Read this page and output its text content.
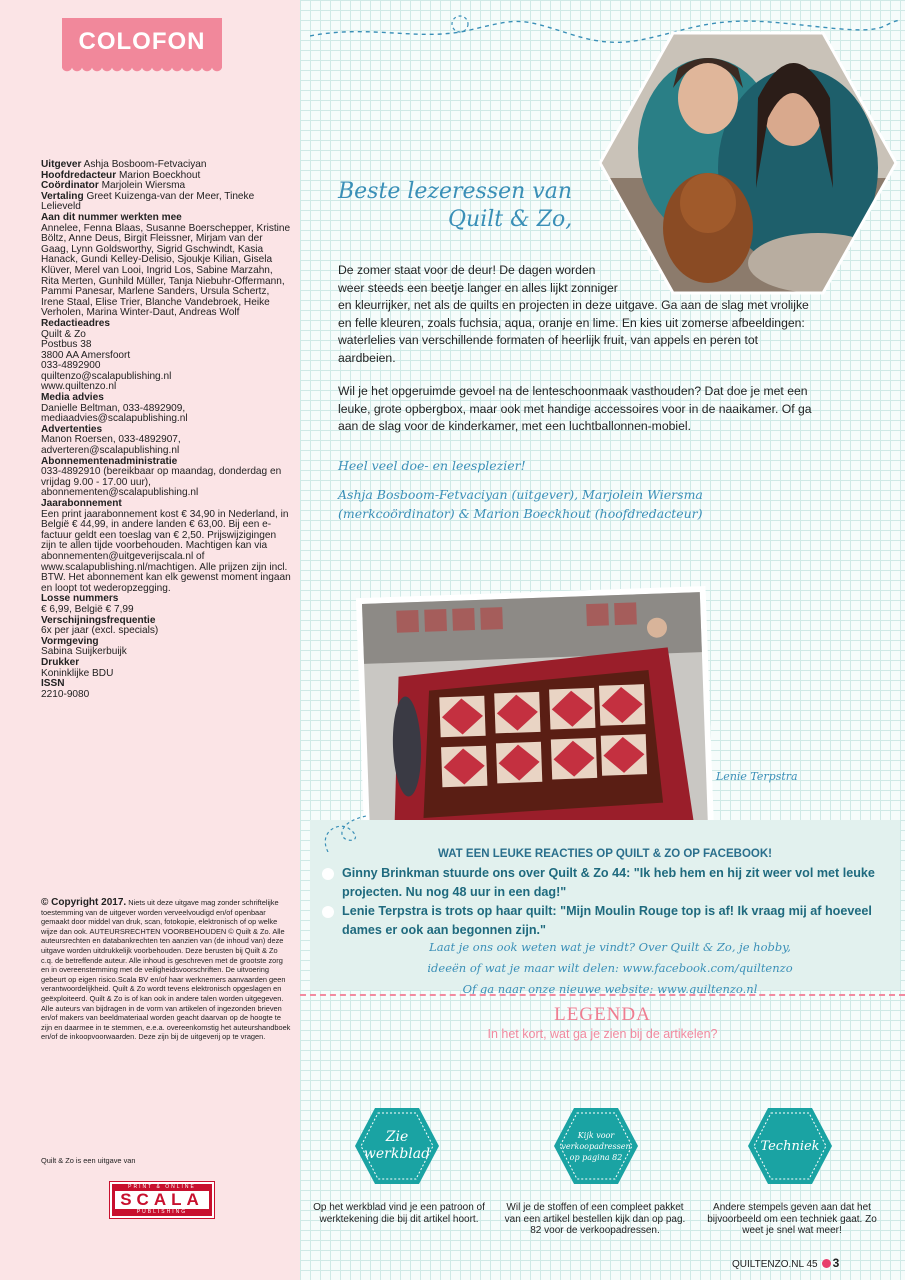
COLOFON
Uitgever Ashja Bosboom-Fetvaciyan
Hoofdredacteur Marion Boeckhout
Coördinator Marjolein Wiersma
Vertaling Greet Kuizenga-van der Meer, Tineke Lelieveld
Aan dit nummer werkten mee
Annelee, Fenna Blaas, Susanne Boerschepper, Kristine Böltz, Anne Deus, Birgit Fleissner, Mirjam van der Gaag, Lynn Goldsworthy, Sigrid Gschwindt, Kasia Hanack, Gundi Kelley-Delisio, Sjoukje Kilian, Gisela Klüver, Merel van Looi, Ingrid Los, Sabine Marzahn, Rita Merten, Gunhild Müller, Tanja Niebuhr-Offermann, Pammi Panesar, Marlene Sanders, Ursula Schertz, Irene Staal, Elise Trier, Blanche Vandebroek, Heike Verholen, Marina Winter-Daut, Andreas Wolf
Redactieadres
Quilt & Zo
Postbus 38
3800 AA Amersfoort
033-4892900
quiltenzo@scalapublishing.nl
www.quiltenzo.nl
Media advies
Danielle Beltman, 033-4892909, mediaadvies@scalapublishing.nl
Advertenties
Manon Roersen, 033-4892907, adverteren@scalapublishing.nl
Abonnementenadministratie
033-4892910 (bereikbaar op maandag, donderdag en vrijdag 9.00 - 17.00 uur), abonnementen@scalapublishing.nl
Jaarabonnement
Een print jaarabonnement kost € 34,90 in Nederland, in België € 44,99, in andere landen € 63,00. Bij een e-factuur geldt een toeslag van € 2,50. Prijswijzigingen zijn te allen tijde voorbehouden. Machtigen kan via abonnementen@uitgeverijscala.nl of www.scalapublishing.nl/machtigen. Alle prijzen zijn incl. BTW. Het abonnement kan elk gewenst moment ingaan en loopt tot wederopzegging.
Losse nummers
€ 6,99, België € 7,99
Verschijningsfrequentie
6x per jaar (excl. specials)
Vormgeving
Sabina Suijkerbuijk
Drukker
Koninklijke BDU
ISSN
2210-9080
© Copyright 2017. Niets uit deze uitgave mag zonder schriftelijke toestemming van de uitgever worden verveelvoudigd en/of openbaar gemaakt door middel van druk, scan, fotokopie, elektronisch of op welke wijze dan ook. AUTEURSRECHTEN VOORBEHOUDEN © Quilt & Zo. Alle auteursrechten en databankrechten ten aanzien van (de inhoud van) deze uitgave worden uitdrukkelijk voorbehouden. Deze berusten bij Quilt & Zo c.q. de betreffende auteur. Alle inhoud is geschreven met de grootste zorg en in overeenstemming met de veiligheidsvoorschriften. De uitvoering gebeurt op eigen risico.Scala BV en/of haar werknemers aanvaarden geen verantwoordelijkheid. Quilt & Zo wordt tevens elektronisch opgeslagen en geëxploiteerd. Quilt & Zo is of kan ook in andere talen worden uitgegeven. Alle auteurs van bijdragen in de vorm van artikelen of ingezonden brieven en/of makers van beeldmateriaal worden geacht daarvan op de hoogte te zijn en daarmee in te stemmen, e.e.a. overeenkomstig het auteurshandboek en/of de inkoopvoorwaarden. Deze zijn bij de uitgeverij op te vragen.
Quilt & Zo is een uitgave van
PRINT & ONLINE
SCALA
PUBLISHING
Beste lezeressen van
Quilt & Zo,

De zomer staat voor de deur! De dagen worden
weer steeds een beetje langer en alles lijkt zonniger
en kleurrijker, net als de quilts en projecten in deze uitgave. Ga aan de slag met vrolijke en felle kleuren, zoals fuchsia, aqua, oranje en lime. En kies uit zomerse afbeeldingen: waterlelies van verschillende formaten of heerlijk fruit, van appels en peren tot aardbeien.

Wil je het opgeruimde gevoel na de lenteschoonmaak vasthouden? Dat doe je met een leuke, grote opbergbox, maar ook met handige accessoires voor in de naaikamer. Of ga aan de slag voor de kinderkamer, met een luchtballonnen-mobiel.

Heel veel doe- en leesplezier!

Ashja Bosboom-Fetvaciyan (uitgever), Marjolein Wiersma (merkcoördinator) & Marion Boeckhout (hoofdredacteur)

Lenie Terpstra
WAT EEN LEUKE REACTIES OP QUILT & ZO OP FACEBOOK!
Ginny Brinkman stuurde ons over Quilt & Zo 44: "Ik heb hem en hij zit weer vol met leuke projecten. Nu nog 48 uur in een dag!"
Lenie Terpstra is trots op haar quilt: "Mijn Moulin Rouge top is af! Ik vraag mij af hoeveel dames er ook aan begonnen zijn."
Laat je ons ook weten wat je vindt? Over Quilt & Zo, je hobby,
ideeën of wat je maar wilt delen: www.facebook.com/quiltenzo
Of ga naar onze nieuwe website: www.quiltenzo.nl
LEGENDA
In het kort, wat ga je zien bij de artikelen?
Zie
werkblad
Kijk voor verkoopadressen
op pagina 82
Techniek
Op het werkblad vind je een patroon of werktekening die bij dit artikel hoort.
Wil je de stoffen of een compleet pakket van een artikel bestellen kijk dan op pag. 82 voor de verkoopadressen.
Andere stempels geven aan dat het bijvoorbeeld om een techniek gaat. Zo weet je snel wat meer!
QUILTENZO.NL 45 3
